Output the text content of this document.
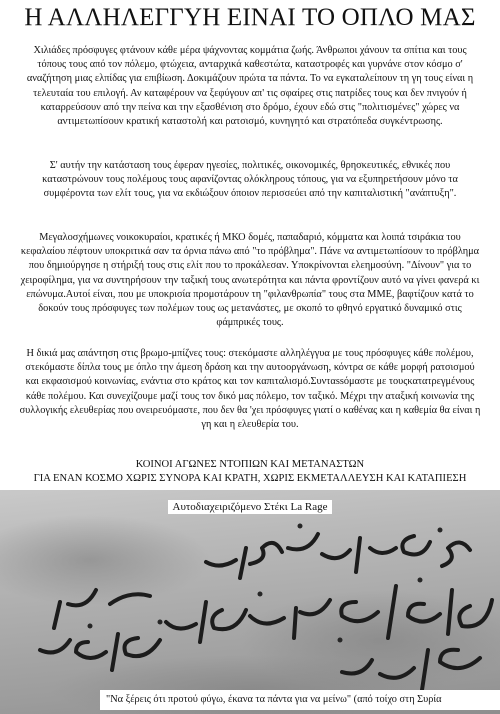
Η ΑΛΛΗΛΕΓΓΥΗ ΕΙΝΑΙ ΤΟ ΟΠΛΟ ΜΑΣ

Χιλιάδες πρόσφυγες φτάνουν κάθε μέρα ψάχνοντας κομμάτια ζωής. Άνθρωποι χάνουν τα σπίτια και τους τόπους τους από τον πόλεμο, φτώχεια, ανταρχικά καθεστώτα, καταστροφές και γυρνάνε στον κόσμο σ' αναζήτηση μιας ελπίδας για επιβίωση. Δοκιμάζουν πρώτα τα πάντα. Το να εγκαταλείπουν τη γη τους είναι η τελευταία του επιλογή. Αν καταφέρουν να ξεφύγουν απ' τις σφαίρες στις πατρίδες τους και δεν πνιγούν ή καταρρεύσουν από την πείνα και την εξασθένιση στο δρόμο, έχουν εδώ στις "πολιτισμένες" χώρες να αντιμετωπίσουν κρατική καταστολή και ρατσισμό, κυνηγητό και στρατόπεδα συγκέντρωσης.

Σ' αυτήν την κατάσταση τους έφεραν ηγεσίες, πολιτικές, οικονομικές, θρησκευτικές, εθνικές που καταστρώνουν τους πολέμους τους αφανίζοντας ολόκληρους τόπους, για να εξυπηρετήσουν μόνο τα συμφέροντα των ελίτ τους, για να εκδιώξουν όποιον περισσεύει από την καπιταλιστική "ανάπτυξη".

Μεγαλοσχήμωνες νοικοκυραίοι, κρατικές ή ΜΚΟ δομές, παπαδαριό, κόμματα και λοιπά τσιράκια του κεφαλαίου πέφτουν υποκριτικά σαν τα όρνια πάνω από "το πρόβλημα". Πάνε να αντιμετωπίσουν το πρόβλημα που δημιούργησε η στήριξή τους στις ελίτ που το προκάλεσαν. Υποκρίνονται ελεημοσύνη. "Δίνουν" για το χειροφίλημα, για να συντηρήσουν την ταξική τους ανωτερότητα και πάντα φροντίζουν αυτό να γίνει φανερά κι επώνυμα.Αυτοί είναι, που με υποκρισία προμοτάρουν τη "φιλανθρωπία" τους στα ΜΜΕ, βαφτίζουν κατά το δοκούν τους πρόσφυγες των πολέμων τους ως μετανάστες, με σκοπό το φθηνό εργατικό δυναμικό στις φάμπρικές τους.

Η δικιά μας απάντηση στις βρωμο-μπίζνες τους: στεκόμαστε αλληλέγγυα με τους πρόσφυγες κάθε πολέμου, στεκόμαστε δίπλα τους με όπλο την άμεση δράση και την αυτοοργάνωση, κόντρα σε κάθε μορφή ρατσισμού και εκφασισμού κοινωνίας, ενάντια στο κράτος και τον καπιταλισμό.Συνταssόμαστε με τουςκατατρεγμένους κάθε πολέμου. Και συνεχίζουμε μαζί τους τον δικό μας πόλεμο, τον ταξικό. Μέχρι την αταξική κοινωνία της συλλογικής ελευθερίας που ονειρευόμαστε, που δεν θα 'χει πρόσφυγες γιατί ο καθένας και η καθεμία θα είναι η γη και η ελευθερία του.

ΚΟΙΝΟΙ ΑΓΩΝΕΣ ΝΤΟΠΙΩΝ ΚΑΙ ΜΕΤΑΝΑΣΤΩΝ

ΓΙΑ ΕΝΑΝ ΚΟΣΜΟ ΧΩΡΙΣ ΣΥΝΟΡΑ ΚΑΙ ΚΡΑΤΗ, ΧΩΡΙΣ ΕΚΜΕΤΑΛΛΕΥΣΗ ΚΑΙ ΚΑΤΑΠΙΕΣΗ

Αυτοδιαχειριζόμενο Στέκι La Rage
"Να ξέρεις ότι προτού φύγω, έκανα τα πάντα για να μείνω" (από τοίχο στη Συρία
